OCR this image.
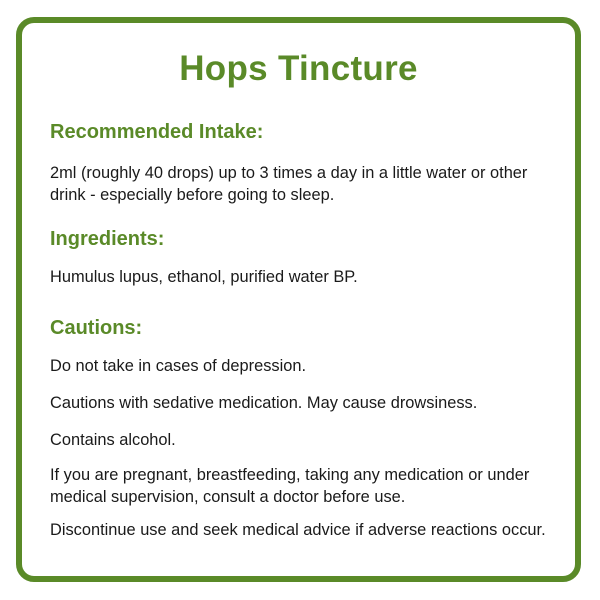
Hops Tincture
Recommended Intake:
2ml (roughly 40 drops) up to 3 times a day in a little water or other drink - especially before going to sleep.
Ingredients:
Humulus lupus, ethanol, purified water BP.
Cautions:
Do not take in cases of depression.
Cautions with sedative medication. May cause drowsiness.
Contains alcohol.
If you are pregnant, breastfeeding, taking any medication or under medical supervision, consult a doctor before use.
Discontinue use and seek medical advice if adverse reactions occur.
